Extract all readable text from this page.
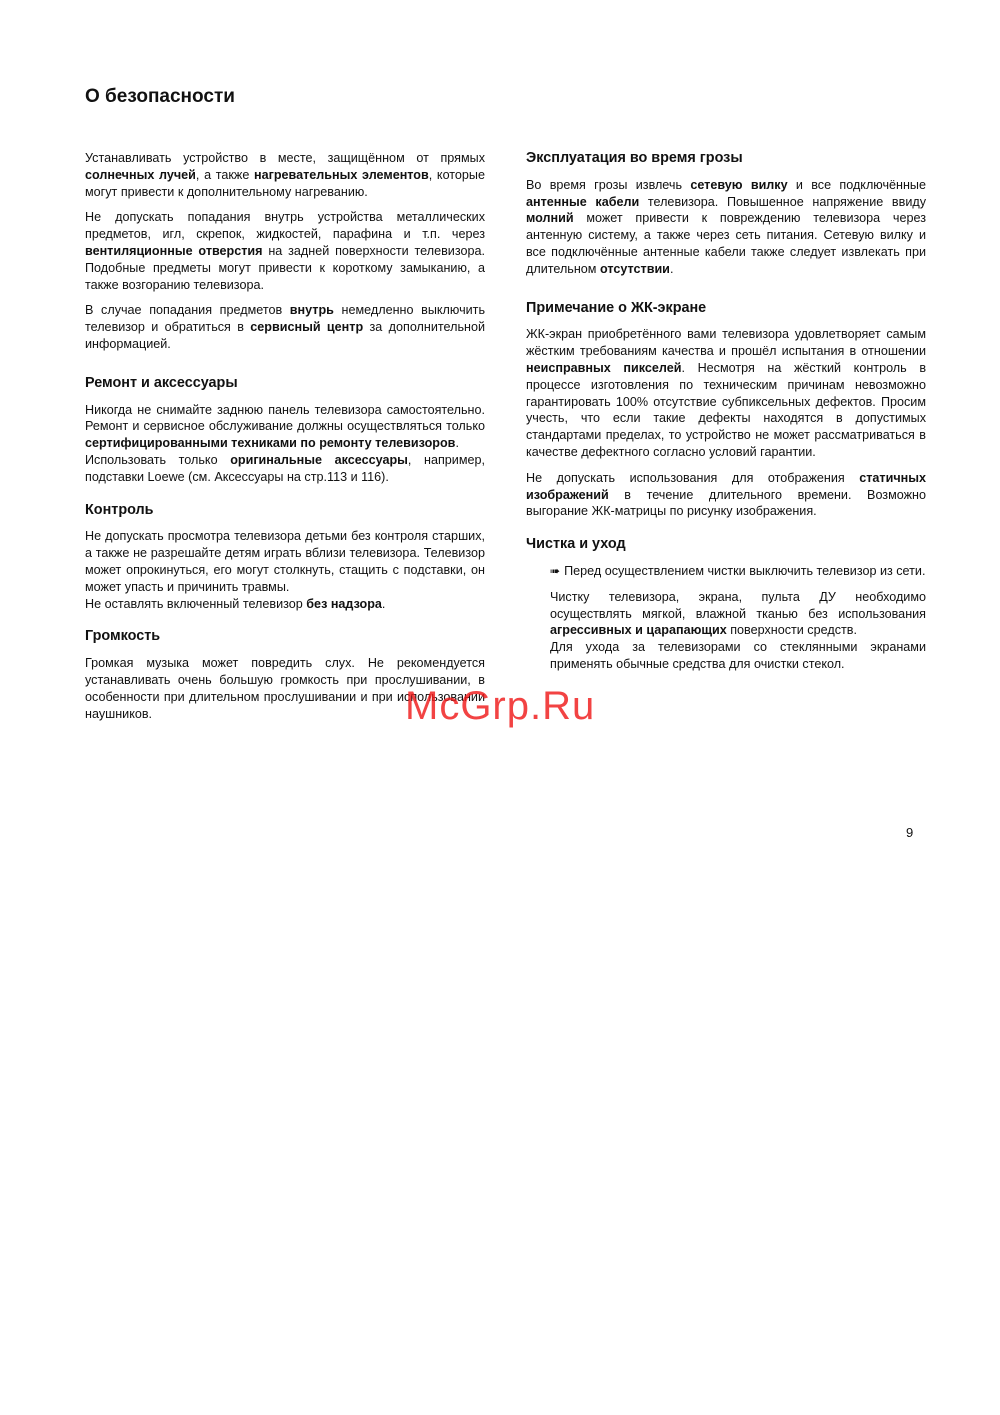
О безопасности

Устанавливать устройство в месте, защищённом от прямых солнечных лучей, а также нагревательных элементов, которые могут привести к дополнительному нагреванию.

Не допускать попадания внутрь устройства металлических предметов, игл, скрепок, жидкостей, парафина и т.п. через вентиляционные отверстия на задней поверхности телевизора. Подобные предметы могут привести к короткому замыканию, а также возгоранию телевизора.

В случае попадания предметов внутрь немедленно выключить телевизор и обратиться в сервисный центр за дополнительной информацией.

Ремонт и аксессуары

Никогда не снимайте заднюю панель телевизора самостоятельно. Ремонт и сервисное обслуживание должны осуществляться только сертифицированными техниками по ремонту телевизоров.

Использовать только оригинальные аксессуары, например, подставки Loewe (см. Аксессуары на стр.113 и 116).

Контроль

Не допускать просмотра телевизора детьми без контроля старших, а также не разрешайте детям играть вблизи телевизора. Телевизор может опрокинуться, его могут столкнуть, стащить с подставки, он может упасть и причинить травмы.

Не оставлять включенный телевизор без надзора.

Громкость

Громкая музыка может повредить слух. Не рекомендуется устанавливать очень большую громкость при прослушивании, в особенности при длительном прослушивании и при использовании наушников.

Эксплуатация во время грозы

Во время грозы извлечь сетевую вилку и все подключённые антенные кабели телевизора. Повышенное напряжение ввиду молний может привести к повреждению телевизора через антенную систему, а также через сеть питания. Сетевую вилку и все подключённые антенные кабели также следует извлекать при длительном отсутствии.

Примечание о ЖК-экране

ЖК-экран приобретённого вами телевизора удовлетворяет самым жёстким требованиям качества и прошёл испытания в отношении неисправных пикселей. Несмотря на жёсткий контроль в процессе изготовления по техническим причинам невозможно гарантировать 100% отсутствие субпиксельных дефектов. Просим учесть, что если такие дефекты находятся в допустимых стандартами пределах, то устройство не может рассматриваться в качестве дефектного согласно условий гарантии.

Не допускать использования для отображения статичных изображений в течение длительного времени. Возможно выгорание ЖК-матрицы по рисунку изображения.

Чистка и уход

➠ Перед осуществлением чистки выключить телевизор из сети.

Чистку телевизора, экрана, пульта ДУ необходимо осуществлять мягкой, влажной тканью без использования агрессивных и царапающих поверхности средств.

Для ухода за телевизорами со стеклянными экранами применять обычные средства для очистки стекол.

McGrp.Ru

9
